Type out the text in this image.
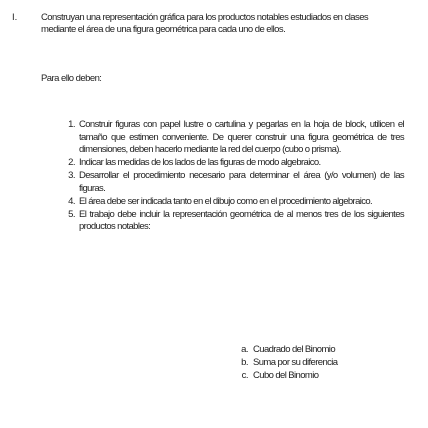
I. Construyan una representación gráfica para los productos notables estudiados en clases mediante el área de una figura geométrica para cada uno de ellos.

Para ello deben:

1. Construir figuras con papel lustre o cartulina y pegarlas en la hoja de block, utilicen el tamaño que estimen conveniente. De querer construir una figura geométrica de tres dimensiones, deben hacerlo mediante la red del cuerpo (cubo o prisma).
2. Indicar las medidas de los lados de las figuras de modo algebraico.
3. Desarrollar el procedimiento necesario para determinar el área (y/o volumen) de las figuras.
4. El área debe ser indicada tanto en el dibujo como en el procedimiento algebraico.
5. El trabajo debe incluir la representación geométrica de al menos tres de los siguientes productos notables:
a. Cuadrado del Binomio
b. Suma por su diferencia
c. Cubo del Binomio
